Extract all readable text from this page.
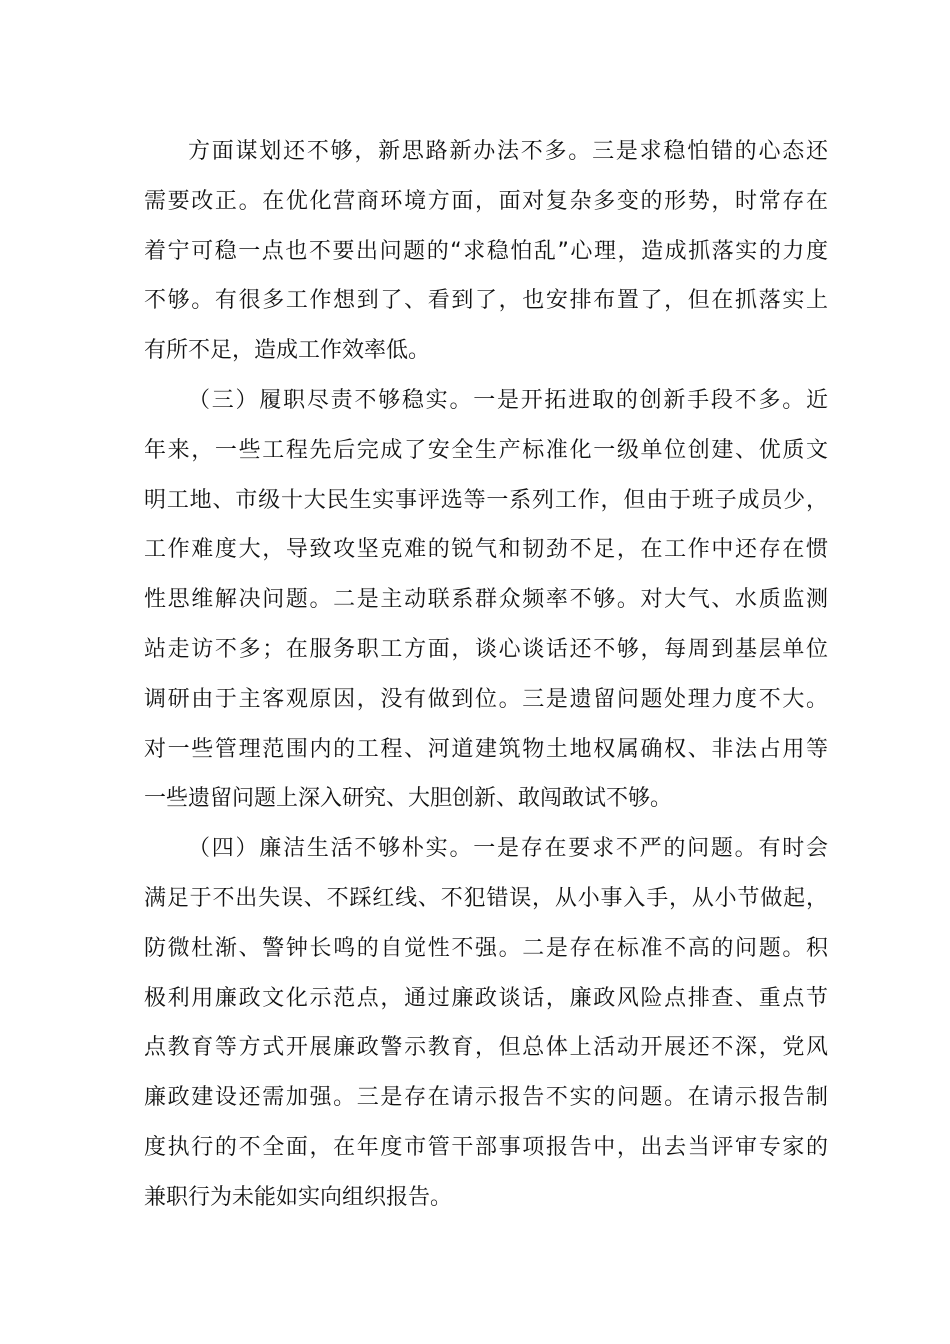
方面谋划还不够，新思路新办法不多。三是求稳怕错的心态还
需要改正。在优化营商环境方面，面对复杂多变的形势，时常存在
着宁可稳一点也不要出问题的“求稳怕乱”心理，造成抓落实的力度
不够。有很多工作想到了、看到了，也安排布置了，但在抓落实上
有所不足，造成工作效率低。
（三）履职尽责不够稳实。一是开拓进取的创新手段不多。近
年来，一些工程先后完成了安全生产标准化一级单位创建、优质文
明工地、市级十大民生实事评选等一系列工作，但由于班子成员少，
工作难度大，导致攻坚克难的锐气和韧劲不足，在工作中还存在惯
性思维解决问题。二是主动联系群众频率不够。对大气、水质监测
站走访不多；在服务职工方面，谈心谈话还不够，每周到基层单位
调研由于主客观原因，没有做到位。三是遗留问题处理力度不大。
对一些管理范围内的工程、河道建筑物土地权属确权、非法占用等
一些遗留问题上深入研究、大胆创新、敢闯敢试不够。
（四）廉洁生活不够朴实。一是存在要求不严的问题。有时会
满足于不出失误、不踩红线、不犯错误，从小事入手，从小节做起，
防微杜渐、警钟长鸣的自觉性不强。二是存在标准不高的问题。积
极利用廉政文化示范点，通过廉政谈话，廉政风险点排查、重点节
点教育等方式开展廉政警示教育，但总体上活动开展还不深，党风
廉政建设还需加强。三是存在请示报告不实的问题。在请示报告制
度执行的不全面，在年度市管干部事项报告中，出去当评审专家的
兼职行为未能如实向组织报告。
